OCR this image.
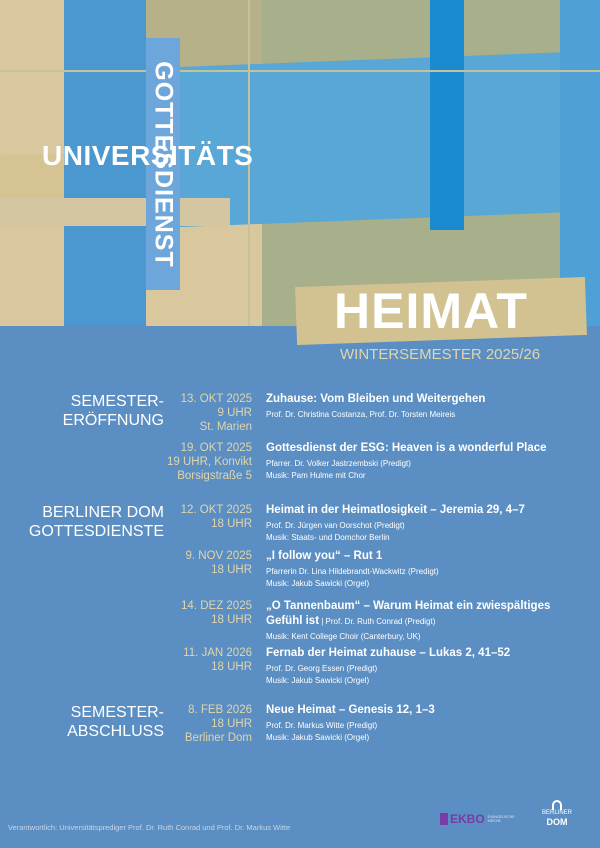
GOTTESDIENST
UNIVERSITÄTS
HEIMAT
WINTERSEMESTER 2025/26
SEMESTER-
ERÖFFNUNG
13. OKT 2025
9 UHR
St. Marien
Zuhause: Vom Bleiben und Weitergehen
Prof. Dr. Christina Costanza, Prof. Dr. Torsten Meireis
19. OKT 2025
19 UHR, Konvikt
Borsigstraße 5
Gottesdienst der ESG: Heaven is a wonderful Place
Pfarrer. Dr. Volker Jastrzembski (Predigt)
Musik: Pam Hulme mit Chor
BERLINER DOM
GOTTESDIENSTE
12. OKT 2025
18 UHR
Heimat in der Heimatlosigkeit – Jeremia 29, 4–7
Prof. Dr. Jürgen van Oorschot (Predigt)
Musik: Staats- und Domchor Berlin
9. NOV 2025
18 UHR
„I follow you“ – Rut 1
Pfarrerin Dr. Lina Hildebrandt-Wackwitz (Predigt)
Musik: Jakub Sawicki (Orgel)
14. DEZ 2025
18 UHR
„O Tannenbaum“ – Warum Heimat ein zwiespältiges Gefühl ist | Prof. Dr. Ruth Conrad (Predigt)
Musik: Kent College Choir (Canterbury, UK)
11. JAN 2026
18 UHR
Fernab der Heimat zuhause – Lukas 2, 41–52
Prof. Dr. Georg Essen (Predigt)
Musik: Jakub Sawicki (Orgel)
SEMESTER-
ABSCHLUSS
8. FEB 2026
18 UHR
Berliner Dom
Neue Heimat – Genesis 12, 1–3
Prof. Dr. Markus Witte (Predigt)
Musik: Jakub Sawicki (Orgel)
Verantwortlich: Universitätsprediger Prof. Dr. Ruth Conrad und Prof. Dr. Markus Witte
EKBO EVANGELISCHE
KIRCHE
BERLINER
DOM
